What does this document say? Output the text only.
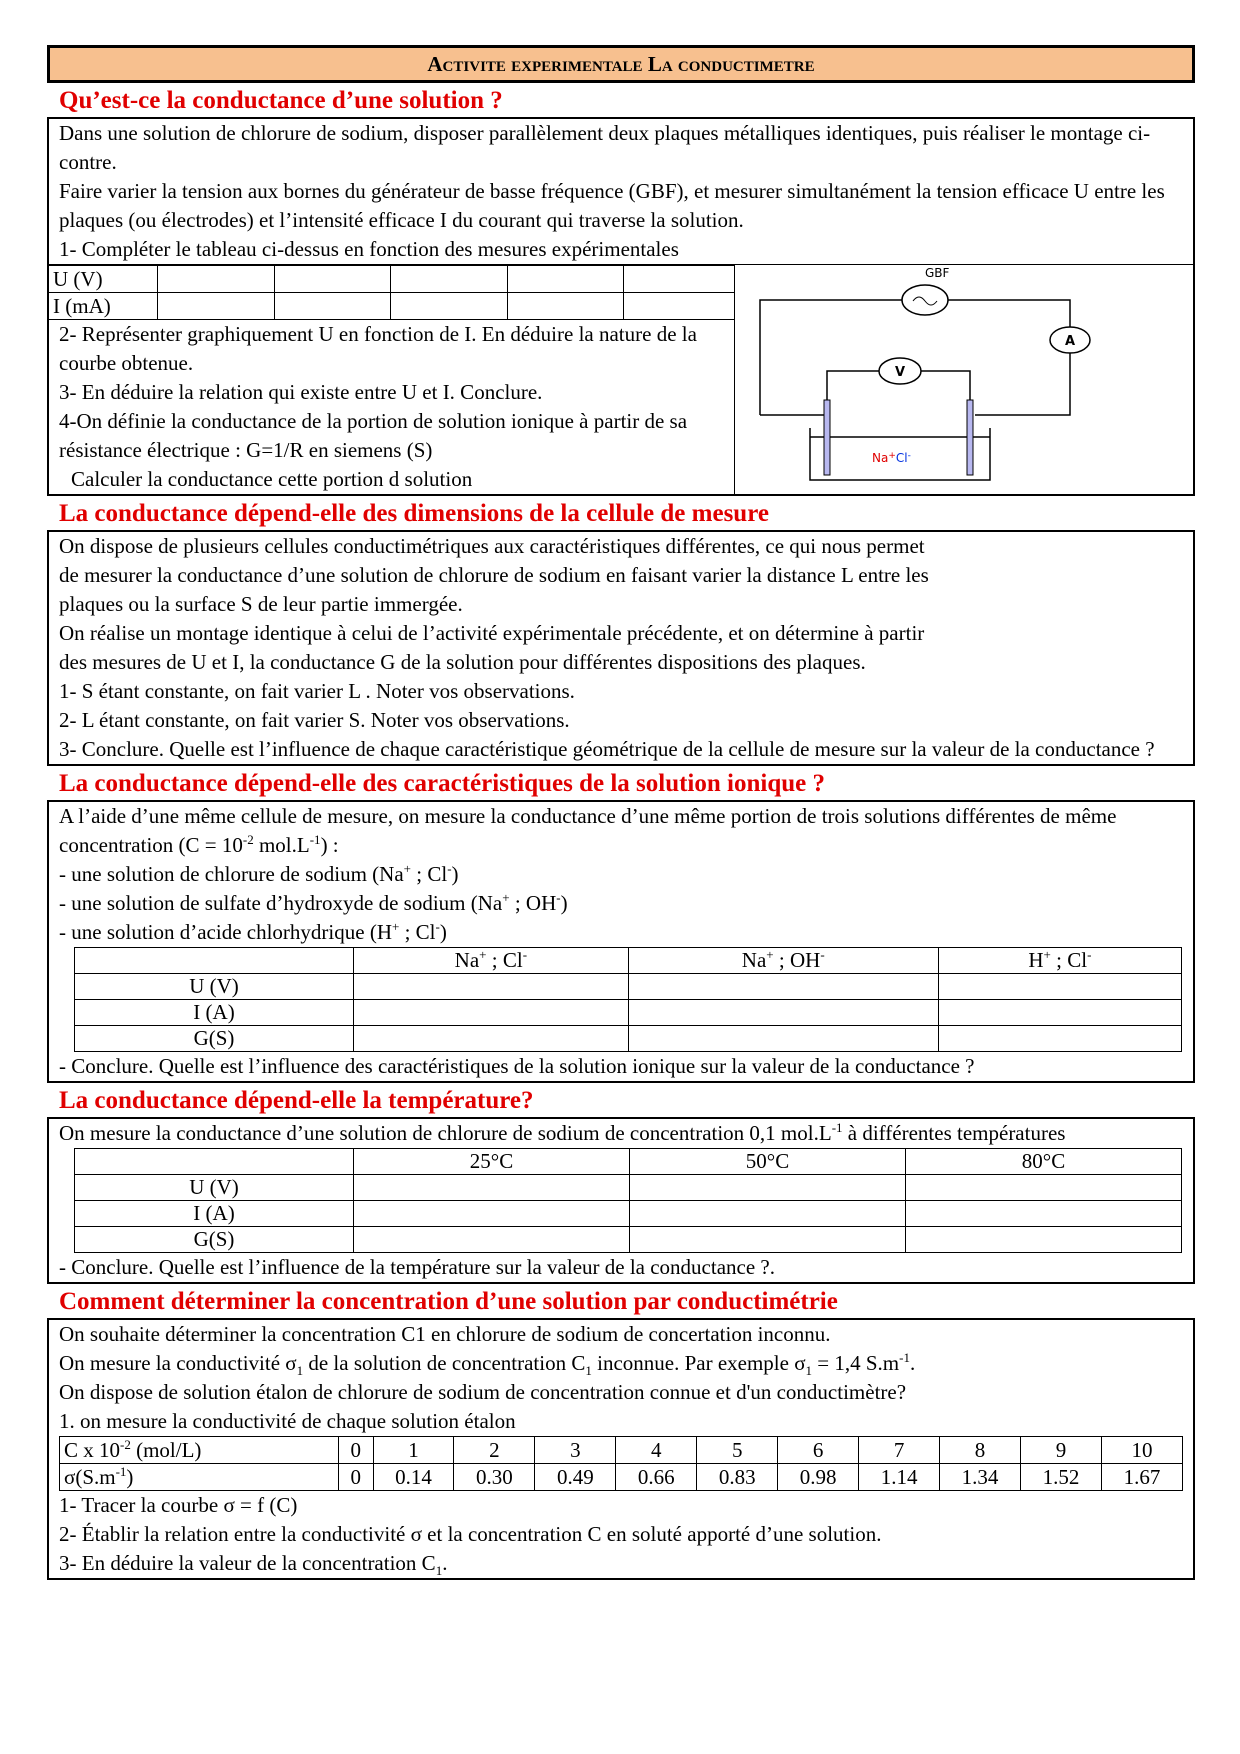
Activite experimentale La conductimetre
Qu’est-ce la conductance d’une solution ?

Dans une solution de chlorure de sodium, disposer parallèlement deux plaques métalliques identiques, puis réaliser le montage ci-contre.

Faire varier la tension aux bornes du générateur de basse fréquence (GBF), et mesurer simultanément la tension efficace U entre les plaques (ou électrodes) et l’intensité efficace I du courant qui traverse la solution.

1- Compléter le tableau ci-dessus en fonction des mesures expérimentales

U (V)					
I (mA)					

2- Représenter graphiquement U en fonction de I. En déduire la nature de la courbe obtenue.

3- En déduire la relation qui existe entre U et I. Conclure.

4-On définie la conductance de la portion de solution ionique à partir de sa résistance électrique : G=1/R en siemens (S)

Calculer la conductance cette portion d solution

GBF
A
V
Na+Cl-
La conductance dépend-elle des dimensions de la cellule de mesure

On dispose de plusieurs cellules conductimétriques aux caractéristiques différentes, ce qui nous permet

de mesurer la conductance d’une solution de chlorure de sodium en faisant varier la distance L entre les

plaques ou la surface S de leur partie immergée.

On réalise un montage identique à celui de l’activité expérimentale précédente, et on détermine à partir

des mesures de U et I, la conductance G de la solution pour différentes dispositions des plaques.

1- S étant constante, on fait varier L . Noter vos observations.

2- L étant constante, on fait varier S. Noter vos observations.

3- Conclure. Quelle est l’influence de chaque caractéristique géométrique de la cellule de mesure sur la valeur de la conductance ?

La conductance dépend-elle des caractéristiques de la solution ionique ?

A l’aide d’une même cellule de mesure, on mesure la conductance d’une même portion de trois solutions différentes de même concentration ($C = 10^{-2}$ $mol.L^{-1}$) :

- une solution de chlorure de sodium (Na+ ; Cl-)

- une solution de sulfate d’hydroxyde de sodium (Na+ ; OH-)

- une solution d’acide chlorhydrique (H+ ; Cl-)

	Na+ ; Cl-	Na+ ; OH-	H+ ; Cl-
U (V)			
I (A)			
G(S)			

- Conclure. Quelle est l’influence des caractéristiques de la solution ionique sur la valeur de la conductance ?

La conductance dépend-elle la température?

On mesure la conductance d’une solution de chlorure de sodium de concentration 0,1 $mol.L^{-1}$ à différentes températures

	25°C	50°C	80°C
U (V)			
I (A)			
G(S)			

- Conclure. Quelle est l’influence de la température sur la valeur de la conductance ?.

Comment déterminer la concentration d’une solution par conductimétrie

On souhaite déterminer la concentration C1 en chlorure de sodium de concertation inconnu.

On mesure la conductivité $\sigma_1$ de la solution de concentration $C_1$ inconnue. Par exemple $\sigma_1 = 1,4$ $S.m^{-1}$.

On dispose de solution étalon de chlorure de sodium de concentration connue et d'un conductimètre?

1. on mesure la conductivité de chaque solution étalon

C x $10^{-2}$ (mol/L)	0	1	2	3	4	5	6	7	8	9	10
$\sigma(S.m^{-1})$	0	0.14	0.30	0.49	0.66	0.83	0.98	1.14	1.34	1.52	1.67

1- Tracer la courbe σ = f (C)

2- Établir la relation entre la conductivité σ et la concentration C en soluté apporté d’une solution.

3- En déduire la valeur de la concentration $C_1$.
